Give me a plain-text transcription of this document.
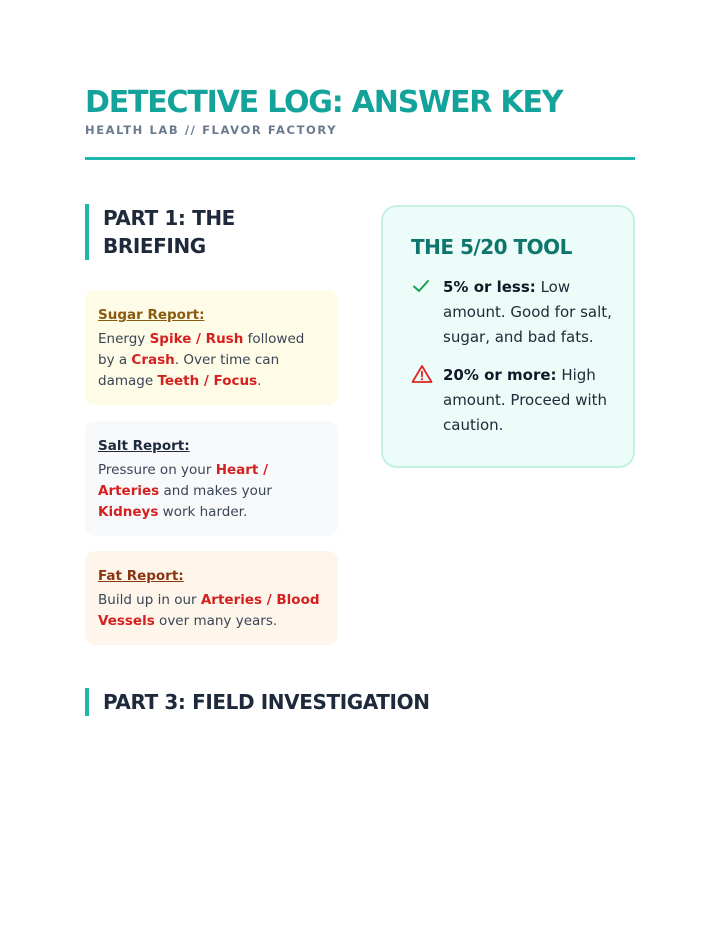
DETECTIVE LOG: ANSWER KEY
HEALTH LAB // FLAVOR FACTORY
PART 1: THE BRIEFING
Sugar Report:
Energy Spike / Rush followed by a Crash. Over time can damage Teeth / Focus.
Salt Report:
Pressure on your Heart / Arteries and makes your Kidneys work harder.
Fat Report:
Build up in our Arteries / Blood Vessels over many years.
THE 5/20 TOOL
5% or less: Low amount. Good for salt, sugar, and bad fats.
20% or more: High amount. Proceed with caution.
PART 3: FIELD INVESTIGATION
